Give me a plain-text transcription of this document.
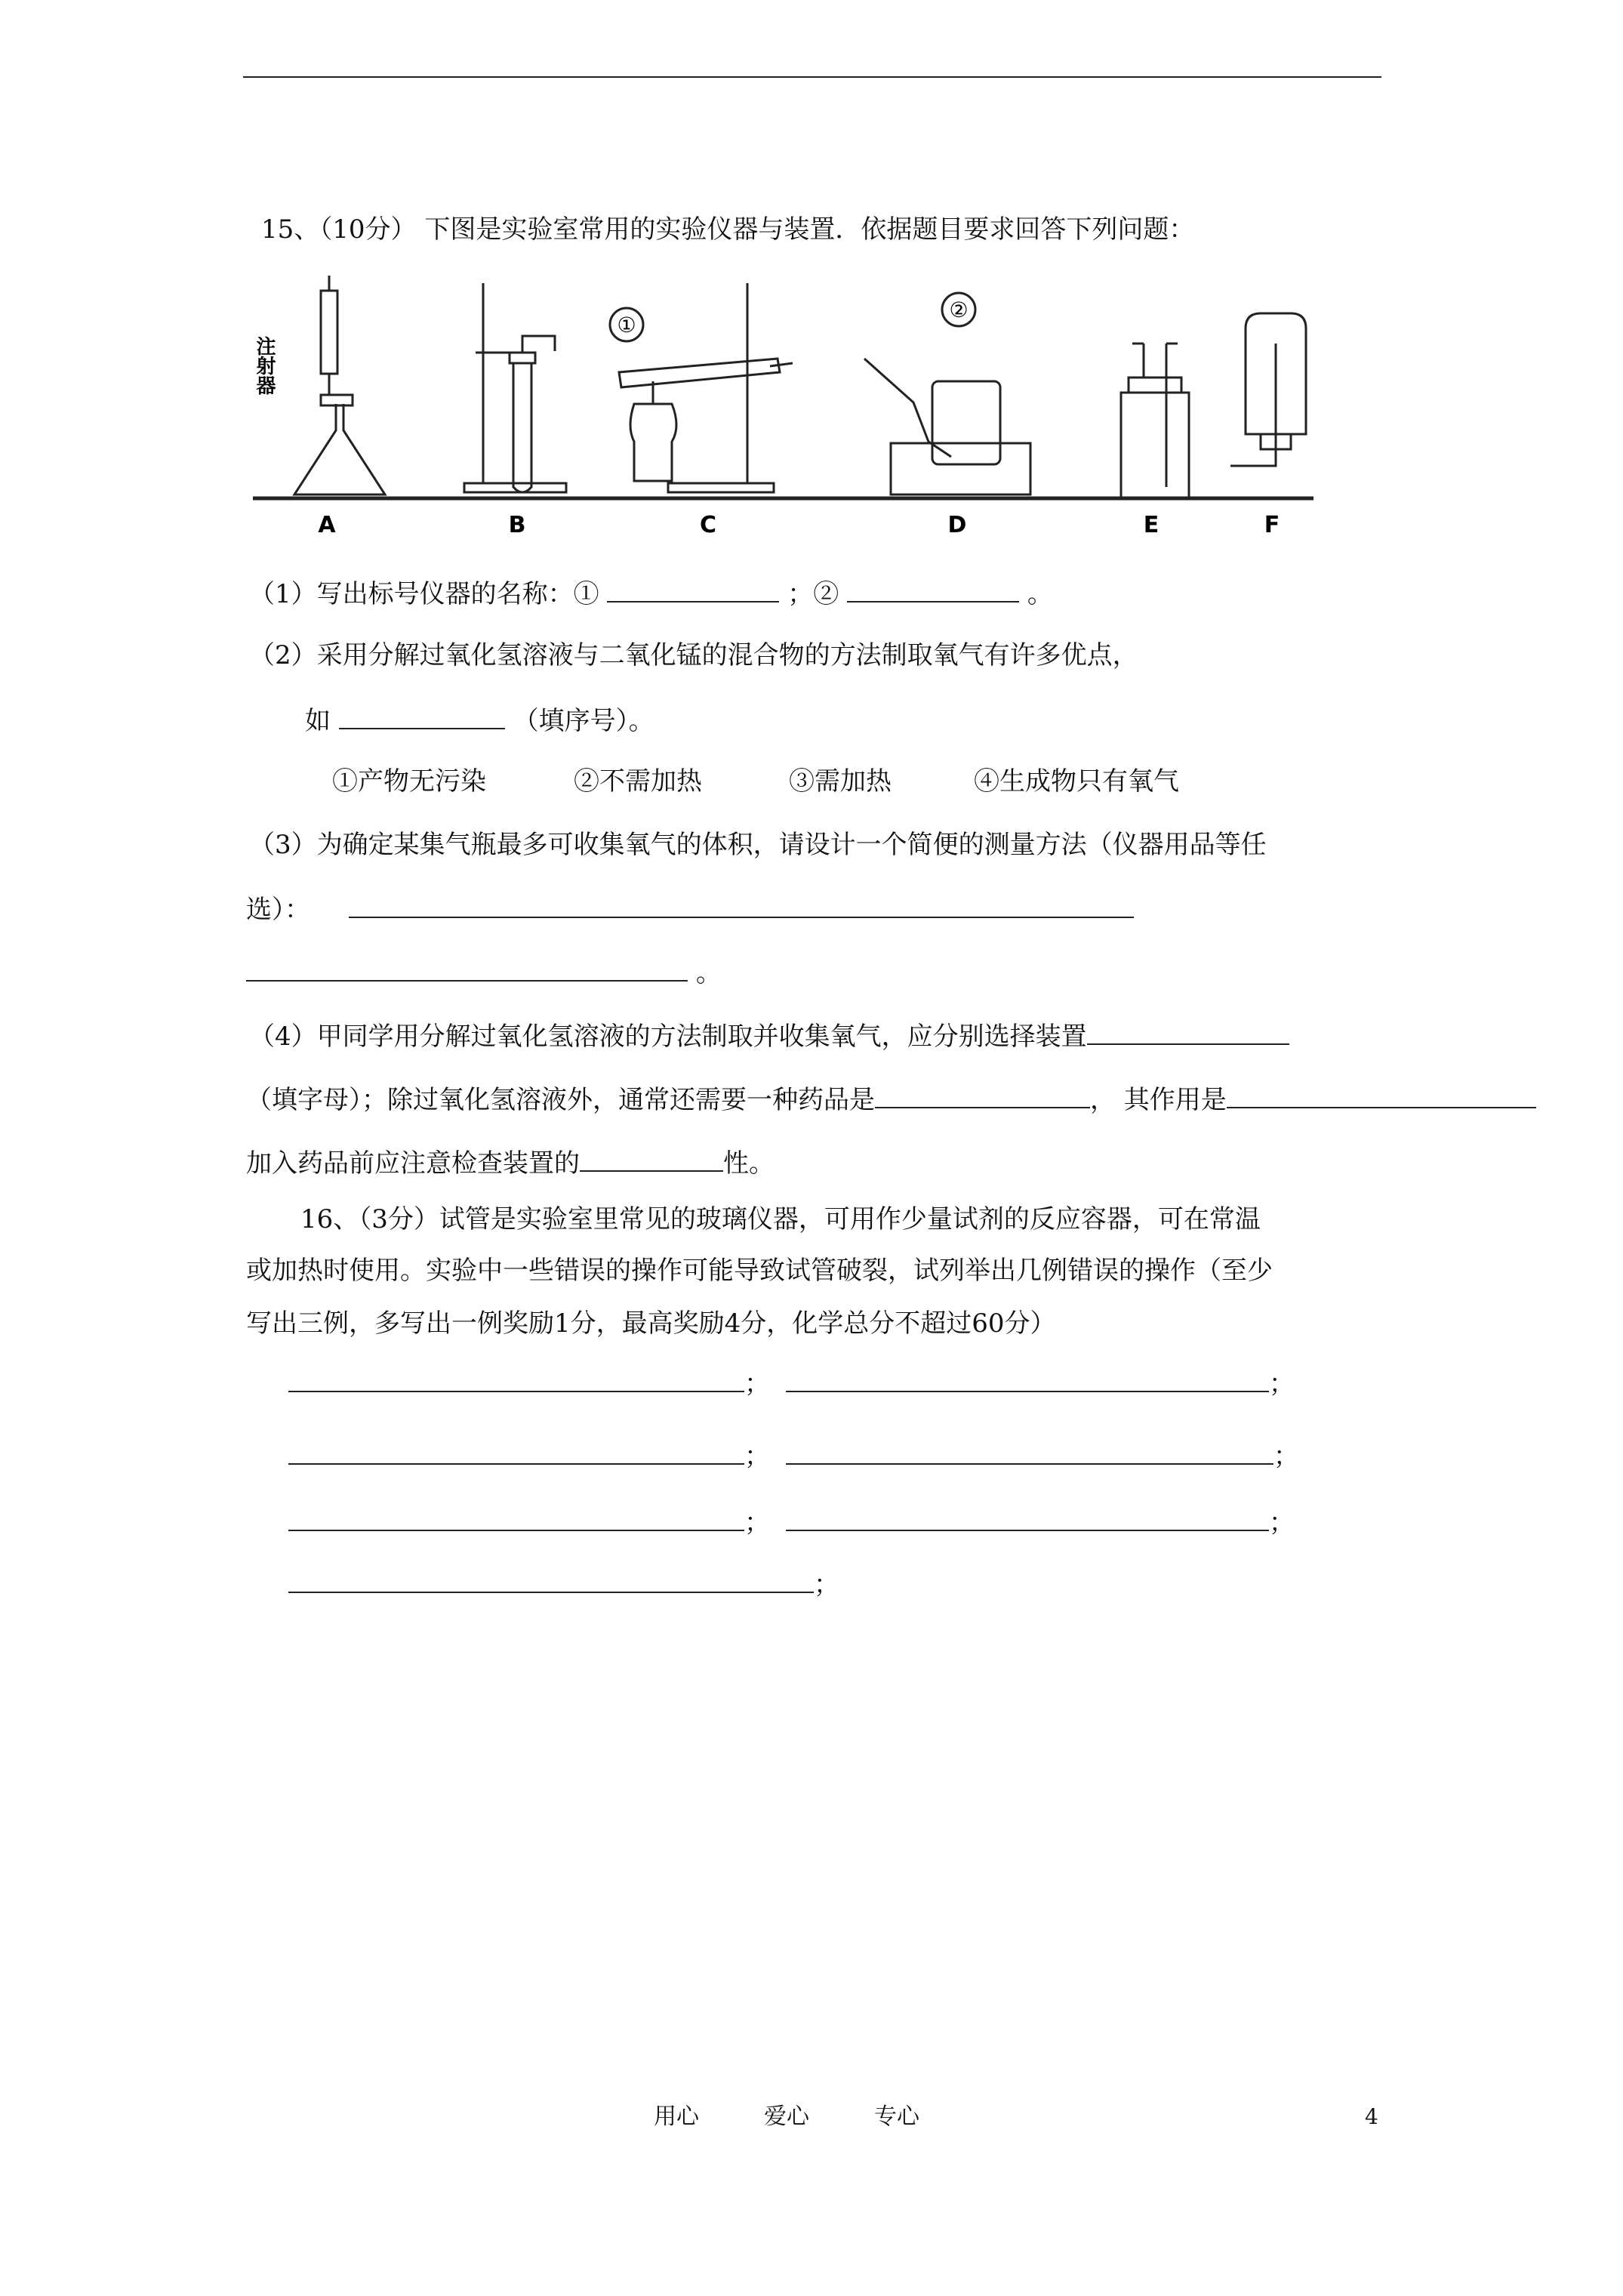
15、（10分） 下图是实验室常用的实验仪器与装置．依据题目要求回答下列问题：
注射器
①
②
A	B	C	D	E	F
（1）写出标号仪器的名称：①	；②	。
（2）采用分解过氧化氢溶液与二氧化锰的混合物的方法制取氧气有许多优点，
如	（填序号）。
①产物无污染	②不需加热	③需加热	④生成物只有氧气
（3）为确定某集气瓶最多可收集氧气的体积，请设计一个简便的测量方法（仪器用品等任
选）：
。
（4）甲同学用分解过氧化氢溶液的方法制取并收集氧气，应分别选择装置
（填字母）；除过氧化氢溶液外，通常还需要一种药品是	， 其作用是
加入药品前应注意检查装置的	性。
16、（3分）试管是实验室里常见的玻璃仪器，可用作少量试剂的反应容器，可在常温
或加热时使用。实验中一些错误的操作可能导致试管破裂，试列举出几例错误的操作（至少
写出三例，多写出一例奖励1分，最高奖励4分，化学总分不超过60分）
；	；
；	；
；	；
；
用心	爱心	专心	4
